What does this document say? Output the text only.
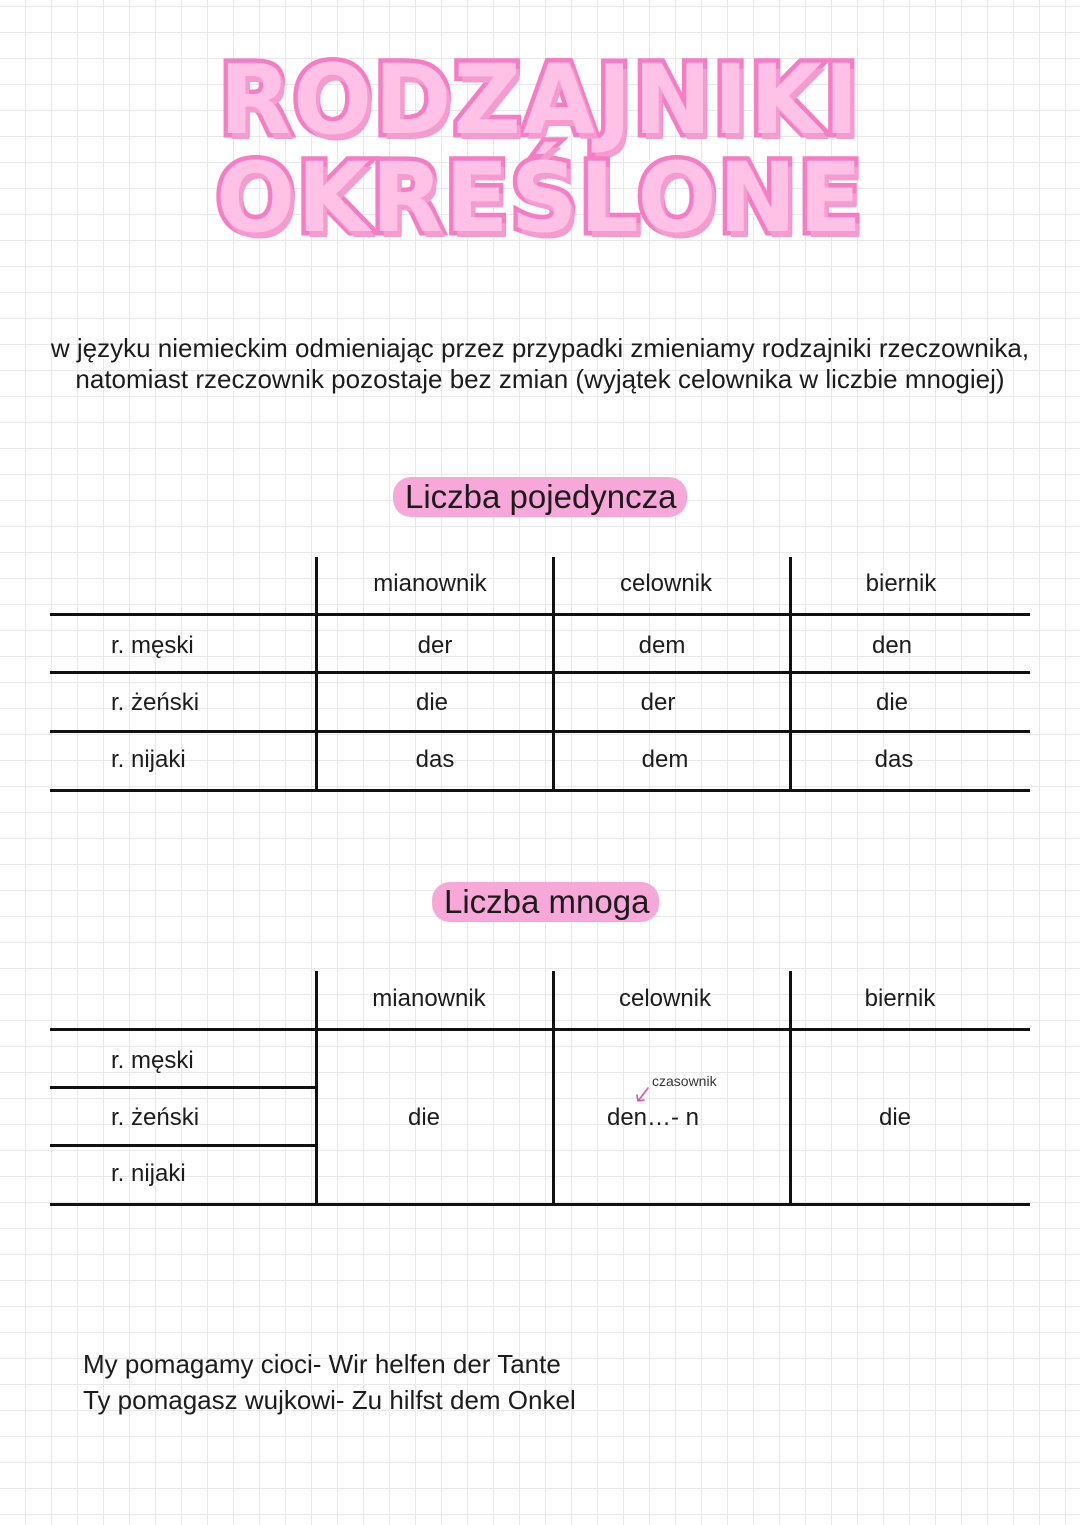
RODZAJNIKI
OKREŚLONE

w języku niemieckim odmieniając przez przypadki zmieniamy rodzajniki rzeczownika, natomiast rzeczownik pozostaje bez zmian (wyjątek celownika w liczbie mnogiej)

Liczba pojedyncza
mianownik	celownik	biernik
r. męski	der	dem	den
r. żeński	die	der	die
r. nijaki	das	dem	das
Liczba mnoga
mianownik	celownik	biernik
r. męski
r. żeński
r. nijaki
die	den…- n	die
czasownik
My pomagamy cioci- Wir helfen der Tante
Ty pomagasz wujkowi- Zu hilfst dem Onkel
